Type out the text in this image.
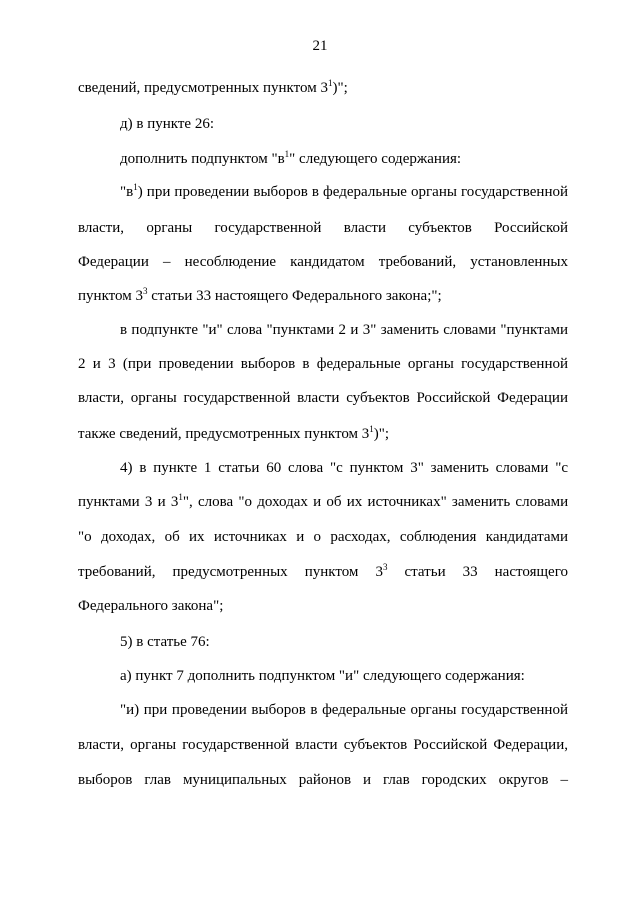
21
сведений, предусмотренных пунктом $3^1$)";
д) в пункте 26:
дополнить подпунктом "$в^1$" следующего содержания:
"$в^1$) при проведении выборов в федеральные органы государственной
власти, органы государственной власти субъектов Российской
Федерации – несоблюдение кандидатом требований, установленных
пунктом $3^3$ статьи 33 настоящего Федерального закона;";
в подпункте "и" слова "пунктами 2 и 3" заменить словами "пунктами
2 и 3 (при проведении выборов в федеральные органы государственной
власти, органы государственной власти субъектов Российской Федерации
также сведений, предусмотренных пунктом $3^1$)";
4) в пункте 1 статьи 60 слова "с пунктом 3" заменить словами "с
пунктами 3 и $3^1$", слова "о доходах и об их источниках" заменить словами
"о доходах, об их источниках и о расходах, соблюдения кандидатами
требований, предусмотренных пунктом $3^3$ статьи 33 настоящего
Федерального закона";
5) в статье 76:
а) пункт 7 дополнить подпунктом "и" следующего содержания:
"и) при проведении выборов в федеральные органы государственной
власти, органы государственной власти субъектов Российской Федерации,
выборов глав муниципальных районов и глав городских округов –
